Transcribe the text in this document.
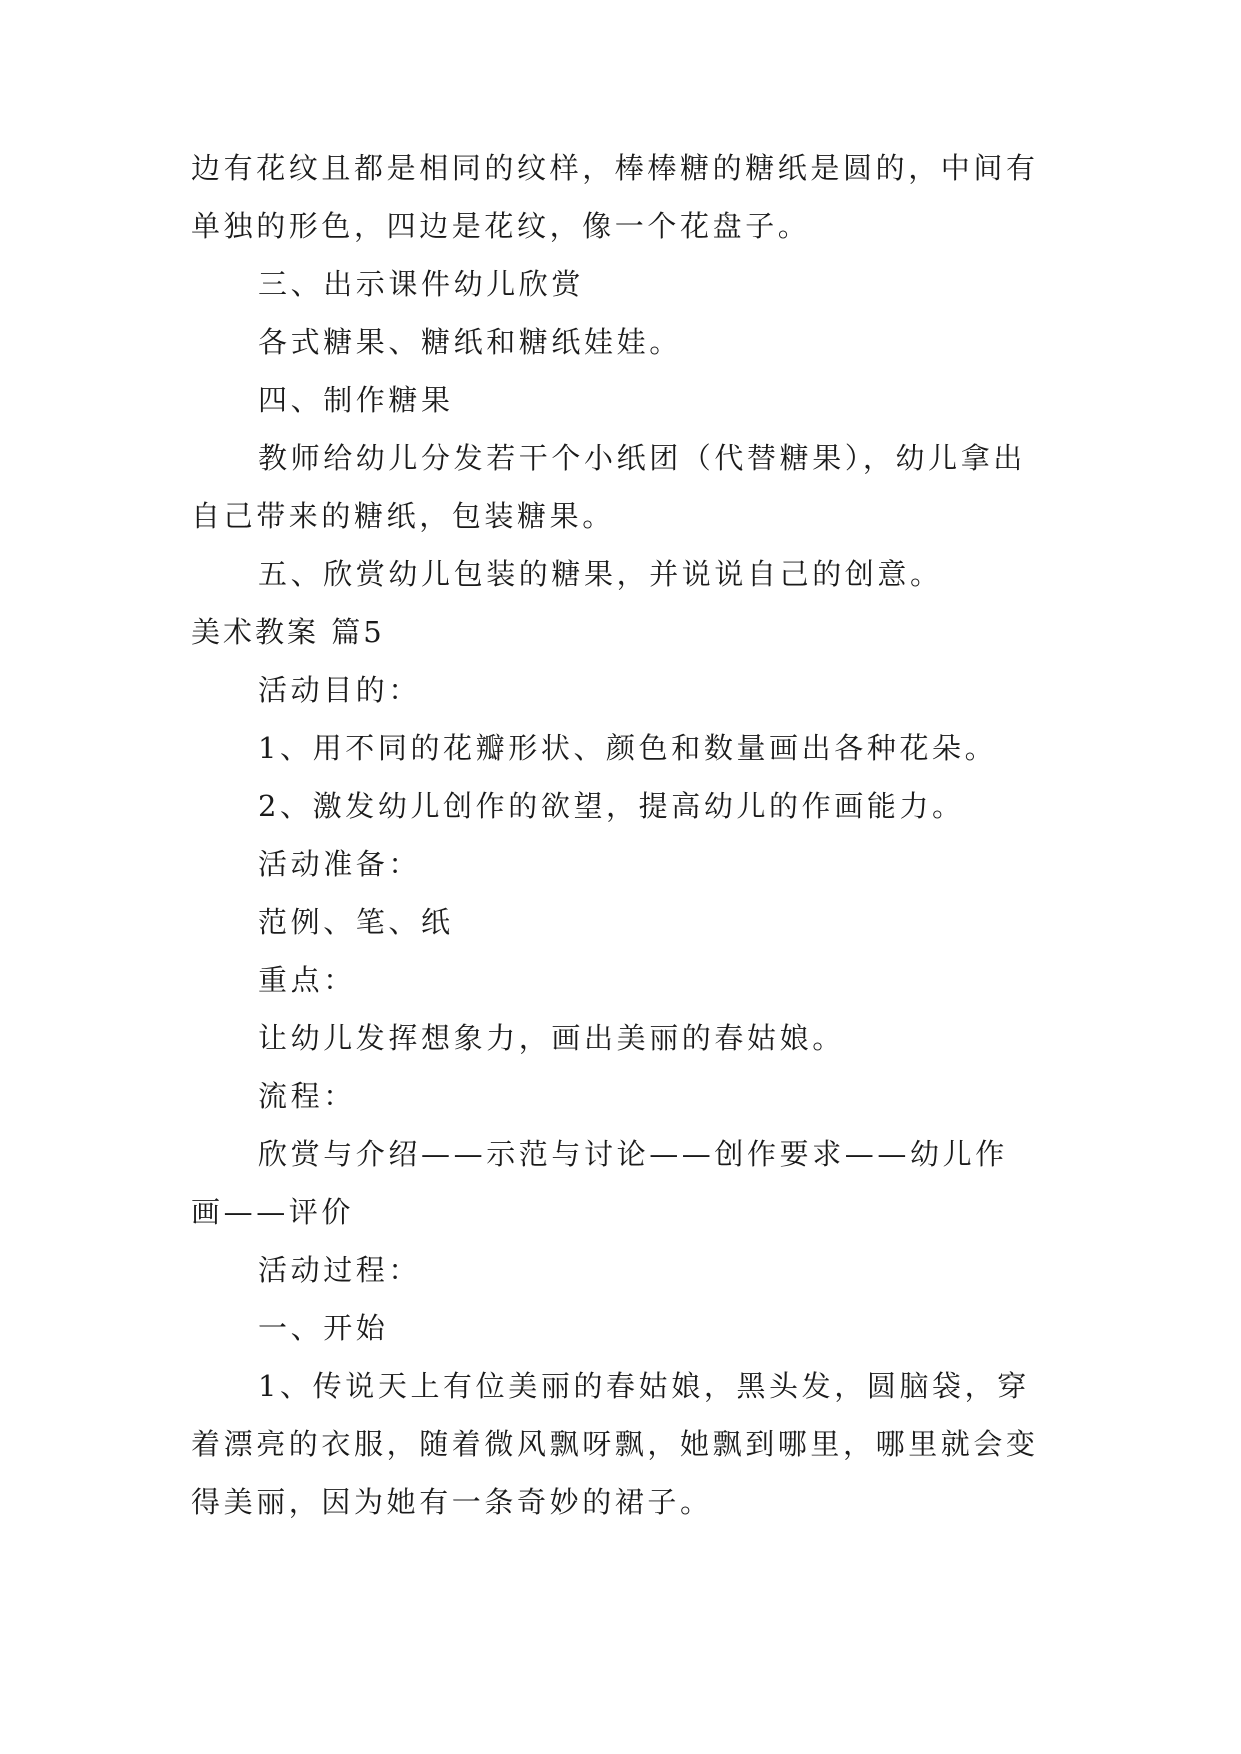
边有花纹且都是相同的纹样，棒棒糖的糖纸是圆的，中间有
单独的形色，四边是花纹，像一个花盘子。
三、出示课件幼儿欣赏
各式糖果、糖纸和糖纸娃娃。
四、制作糖果
教师给幼儿分发若干个小纸团（代替糖果），幼儿拿出
自己带来的糖纸，包装糖果。
五、欣赏幼儿包装的糖果，并说说自己的创意。
美术教案 篇5
活动目的：
1、用不同的花瓣形状、颜色和数量画出各种花朵。
2、激发幼儿创作的欲望，提高幼儿的作画能力。
活动准备：
范例、笔、纸
重点：
让幼儿发挥想象力，画出美丽的春姑娘。
流程：
欣赏与介绍——示范与讨论——创作要求——幼儿作
画——评价
活动过程：
一、开始
1、传说天上有位美丽的春姑娘，黑头发，圆脑袋，穿
着漂亮的衣服，随着微风飘呀飘，她飘到哪里，哪里就会变
得美丽，因为她有一条奇妙的裙子。
